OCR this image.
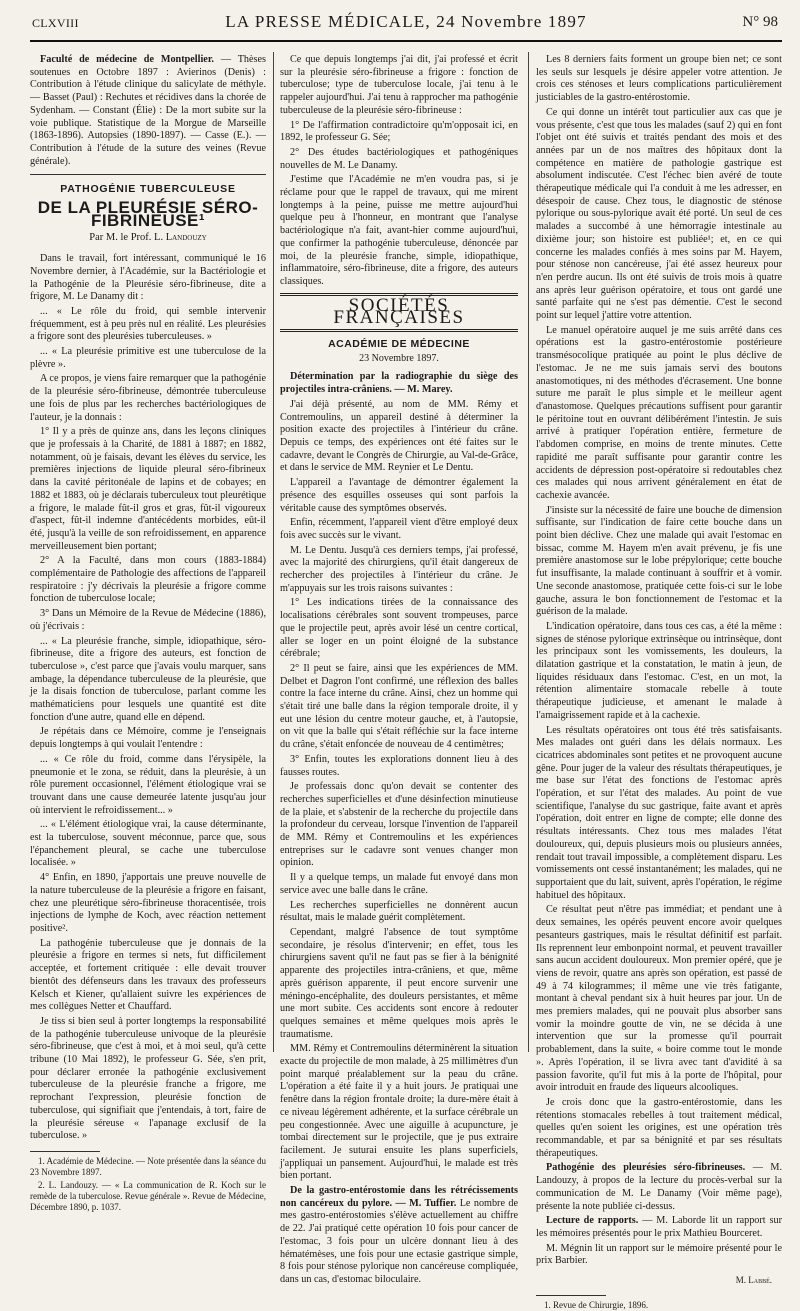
CLXVIII	LA PRESSE MÉDICALE, 24 Novembre 1897	N° 98

Faculté de médecine de Montpellier. — Thèses soutenues en Octobre 1897 : Avierinos (Denis) : Contribution à l'étude clinique du salicylate de méthyle. — Basset (Paul) : Rechutes et récidives dans la chorée de Sydenham. — Constant (Élie) : De la mort subite sur la voie publique. Statistique de la Morgue de Marseille (1863-1896). Autopsies (1890-1897). — Casse (E.). — Contribution à l'étude de la suture des veines (Revue générale).

PATHOGÉNIE TUBERCULEUSE
DE LA PLEURÉSIE SÉRO-FIBRINEUSE¹
Par M. le Prof. L. Landouzy

Dans le travail, fort intéressant, communiqué le 16 Novembre dernier, à l'Académie, sur la Bactériologie et la Pathogénie de la Pleurésie séro-fibrineuse, dite a frigore, M. Le Danamy dit :

... « Le rôle du froid, qui semble intervenir fréquemment, est à peu près nul en réalité. Les pleurésies a frigore sont des pleurésies tuberculeuses. »

... « La pleurésie primitive est une tuberculose de la plèvre ».

A ce propos, je viens faire remarquer que la pathogénie de la pleurésie séro-fibrineuse, démontrée tuberculeuse une fois de plus par les recherches bactériologiques de l'auteur, je la donnais :

1° Il y a près de quinze ans, dans les leçons cliniques que je professais à la Charité, de 1881 à 1887; en 1882, notamment, où je faisais, devant les élèves du service, les premières injections de liquide pleural séro-fibrineux dans la cavité péritonéale de lapins et de cobayes; en 1882 et 1883, où je déclarais tuberculeux tout pleurétique a frigore, le malade fût-il gros et gras, fût-il vigoureux d'aspect, fût-il indemne d'antécédents morbides, eût-il été, jusqu'à la veille de son refroidissement, en apparence merveilleusement bien portant;

2° A la Faculté, dans mon cours (1883-1884) complémentaire de Pathologie des affections de l'appareil respiratoire : j'y décrivais la pleurésie a frigore comme fonction de tuberculose locale;

3° Dans un Mémoire de la Revue de Médecine (1886), où j'écrivais :

... « La pleurésie franche, simple, idiopathique, séro-fibrineuse, dite a frigore des auteurs, est fonction de tuberculose », c'est parce que j'avais voulu marquer, sans ambage, la dépendance tuberculeuse de la pleurésie, que je la disais fonction de tuberculose, parlant comme les mathématiciens pour lesquels une quantité est dite fonction d'une autre, quand elle en dépend.

Je répétais dans ce Mémoire, comme je l'enseignais depuis longtemps à qui voulait l'entendre :

... « Ce rôle du froid, comme dans l'érysipèle, la pneumonie et le zona, se réduit, dans la pleurésie, à un rôle purement occasionnel, l'élément étiologique vrai se trouvant dans une cause demeurée latente jusqu'au jour où intervient le refroidissement... »

... « L'élément étiologique vrai, la cause déterminante, est la tuberculose, souvent méconnue, parce que, sous l'épanchement pleural, se cache une tuberculose localisée. »

4° Enfin, en 1890, j'apportais une preuve nouvelle de la nature tuberculeuse de la pleurésie a frigore en faisant, chez une pleurétique séro-fibrineuse thoracentisée, trois injections de lymphe de Koch, avec réaction nettement positive².

La pathogénie tuberculeuse que je donnais de la pleurésie a frigore en termes si nets, fut difficilement acceptée, et fortement critiquée : elle devait trouver bientôt des défenseurs dans les travaux des professeurs Kelsch et Kiener, qu'allaient suivre les expériences de mes collègues Netter et Chauffard.

Je tiss si bien seul à porter longtemps la responsabilité de la pathogénie tuberculeuse univoque de la pleurésie séro-fibrineuse, que c'est à moi, et à moi seul, qu'à cette tribune (10 Mai 1892), le professeur G. Sée, s'en prit, pour déclarer erronée la pathogénie exclusivement tuberculeuse de la pleurésie franche a frigore, me reprochant l'expression, pleurésie fonction de tuberculose, qui signifiait que j'entendais, à tort, faire de la pleurésie séreuse « l'apanage exclusif de la tuberculose. »

1. Académie de Médecine. — Note présentée dans la séance du 23 Novembre 1897.

2. L. Landouzy. — « La communication de R. Koch sur le remède de la tuberculose. Revue générale ». Revue de Médecine, Décembre 1890, p. 1037.

Ce que depuis longtemps j'ai dit, j'ai professé et écrit sur la pleurésie séro-fibrineuse a frigore : fonction de tuberculose; type de tuberculose locale, j'ai tenu à le rappeler aujourd'hui. J'ai tenu à rapprocher ma pathogénie tuberculeuse de la pleurésie séro-fibrineuse :

1° De l'affirmation contradictoire qu'm'opposait ici, en 1892, le professeur G. Sée;

2° Des études bactériologiques et pathogéniques nouvelles de M. Le Danamy.

J'estime que l'Académie ne m'en voudra pas, si je réclame pour que le rappel de travaux, qui me mirent longtemps à la peine, puisse me mettre aujourd'hui quelque peu à l'honneur, en montrant que l'analyse bactériologique n'a fait, avant-hier comme aujourd'hui, que confirmer la pathogénie tuberculeuse, dénoncée par moi, de la pleurésie franche, simple, idiopathique, inflammatoire, séro-fibrineuse, dite a frigore, des auteurs classiques.

SOCIÉTÉS FRANÇAISES
ACADÉMIE DE MÉDECINE
23 Novembre 1897.

Détermination par la radiographie du siège des projectiles intra-crâniens. — M. Marey.

J'ai déjà présenté, au nom de MM. Rémy et Contremoulins, un appareil destiné à déterminer la position exacte des projectiles à l'intérieur du crâne. Depuis ce temps, des expériences ont été faites sur le cadavre, devant le Congrès de Chirurgie, au Val-de-Grâce, et dans le service de MM. Reynier et Le Dentu.

L'appareil a l'avantage de démontrer également la présence des esquilles osseuses qui sont parfois la véritable cause des symptômes observés.

Enfin, récemment, l'appareil vient d'être employé deux fois avec succès sur le vivant.

M. Le Dentu. Jusqu'à ces derniers temps, j'ai professé, avec la majorité des chirurgiens, qu'il était dangereux de rechercher des projectiles à l'intérieur du crâne. Je m'appuyais sur les trois raisons suivantes :

1° Les indications tirées de la connaissance des localisations cérébrales sont souvent trompeuses, parce que le projectile peut, après avoir lésé un centre cortical, aller se loger en un point éloigné de la substance cérébrale;

2° Il peut se faire, ainsi que les expériences de MM. Delbet et Dagron l'ont confirmé, une réflexion des balles contre la face interne du crâne. Ainsi, chez un homme qui s'était tiré une balle dans la région temporale droite, il y eut une lésion du centre moteur gauche, et, à l'autopsie, on vit que la balle qui s'était réfléchie sur la face interne du crâne, s'était enfoncée de nouveau de 4 centimètres;

3° Enfin, toutes les explorations donnent lieu à des fausses routes.

Je professais donc qu'on devait se contenter des recherches superficielles et d'une désinfection minutieuse de la plaie, et s'abstenir de la recherche du projectile dans la profondeur du cerveau, lorsque l'invention de l'appareil de MM. Rémy et Contremoulins et les expériences entreprises sur le cadavre sont venues changer mon opinion.

Il y a quelque temps, un malade fut envoyé dans mon service avec une balle dans le crâne.

Les recherches superficielles ne donnèrent aucun résultat, mais le malade guérit complètement.

Cependant, malgré l'absence de tout symptôme secondaire, je résolus d'intervenir; en effet, tous les chirurgiens savent qu'il ne faut pas se fier à la bénignité apparente des projectiles intra-crâniens, et que, même après guérison apparente, il peut encore survenir une méningo-encéphalite, des douleurs persistantes, et même une mort subite. Ces accidents sont encore à redouter quelques semaines et même quelques mois après le traumatisme.

MM. Rémy et Contremoulins déterminèrent la situation exacte du projectile de mon malade, à 25 millimètres d'un point marqué préalablement sur la peau du crâne. L'opération a été faite il y a huit jours. Je pratiquai une fenêtre dans la région frontale droite; la dure-mère était à ce niveau légèrement adhérente, et la surface cérébrale un peu congestionnée. Avec une aiguille à acupuncture, je tombai directement sur le projectile, que je pus extraire facilement. Je suturai ensuite les plans superficiels, j'appliquai un pansement. Aujourd'hui, le malade est très bien portant.

De la gastro-entérostomie dans les rétrécissements non cancéreux du pylore. — M. Tuffier. Le nombre de mes gastro-entérostomies s'élève actuellement au chiffre de 22. J'ai pratiqué cette opération 10 fois pour cancer de l'estomac, 3 fois pour un ulcère donnant lieu à des hématémèses, une fois pour une ectasie gastrique simple, 8 fois pour sténose pylorique non cancéreuse compliquée, dans un cas, d'estomac biloculaire.

Les 8 derniers faits forment un groupe bien net; ce sont les seuls sur lesquels je désire appeler votre attention. Je crois ces sténoses et leurs complications particulièrement justiciables de la gastro-entérostomie.

Ce qui donne un intérêt tout particulier aux cas que je vous présente, c'est que tous les malades (sauf 2) qui en font l'objet ont été suivis et traités pendant des mois et des années par un de nos maîtres des hôpitaux dont la compétence en matière de pathologie gastrique est absolument indiscutée. C'est l'échec bien avéré de toute thérapeutique médicale qui l'a conduit à me les adresser, en désespoir de cause. Chez tous, le diagnostic de sténose pylorique ou sous-pylorique avait été porté. Un seul de ces malades a succombé à une hémorragie intestinale au dixième jour; son histoire est publiée¹; et, en ce qui concerne les malades confiés à mes soins par M. Hayem, pour sténose non cancéreuse, j'ai été assez heureux pour n'en perdre aucun. Ils ont été suivis de trois mois à quatre ans après leur guérison opératoire, et tous ont gardé une santé parfaite qui ne s'est pas démentie. C'est le second point sur lequel j'attire votre attention.

Le manuel opératoire auquel je me suis arrêté dans ces opérations est la gastro-entérostomie postérieure transmésocolique pratiquée au point le plus déclive de l'estomac. Je ne me suis jamais servi des boutons anastomotiques, ni des méthodes d'écrasement. Une bonne suture me paraît le plus simple et le meilleur agent d'anastomose. Quelques précautions suffisent pour garantir le péritoine tout en ouvrant délibérément l'intestin. Je suis arrivé à pratiquer l'opération entière, fermeture de l'abdomen comprise, en moins de trente minutes. Cette rapidité me paraît suffisante pour garantir contre les accidents de dépression post-opératoire si redoutables chez ces malades qui nous arrivent généralement en état de cachexie avancée.

J'insiste sur la nécessité de faire une bouche de dimension suffisante, sur l'indication de faire cette bouche dans un point bien déclive. Chez une malade qui avait l'estomac en bissac, comme M. Hayem m'en avait prévenu, je fis une première anastomose sur le lobe prépylorique; cette bouche fut insuffisante, la malade continuant à souffrir et à vomir. Une seconde anastomose, pratiquée cette fois-ci sur le lobe gauche, assura le bon fonctionnement de l'estomac et la guérison de la malade.

L'indication opératoire, dans tous ces cas, a été la même : signes de sténose pylorique extrinsèque ou intrinsèque, dont les principaux sont les vomissements, les douleurs, la dilatation gastrique et la constatation, le matin à jeun, de liquides résiduaux dans l'estomac. C'est, en un mot, la rétention alimentaire stomacale rebelle à toute thérapeutique judicieuse, et amenant le malade à l'amaigrissement rapide et à la cachexie.

Les résultats opératoires ont tous été très satisfaisants. Mes malades ont guéri dans les délais normaux. Les cicatrices abdominales sont petites et ne provoquent aucune gêne. Pour juger de la valeur des résultats thérapeutiques, je me base sur l'état des fonctions de l'estomac après l'opération, et sur l'état des malades. Au point de vue scientifique, l'analyse du suc gastrique, faite avant et après l'opération, doit entrer en ligne de compte; elle donne des résultats intéressants. Chez tous mes malades l'état douloureux, qui, depuis plusieurs mois ou plusieurs années, rendait tout travail impossible, a complètement disparu. Les vomissements ont cessé instantanément; les malades, qui ne supportaient que du lait, suivent, après l'opération, le régime habituel des hôpitaux.

Ce résultat peut n'être pas immédiat; et pendant une à deux semaines, les opérés peuvent encore avoir quelques pesanteurs gastriques, mais le résultat définitif est parfait. Ils reprennent leur embonpoint normal, et peuvent travailler sans aucun accident douloureux. Mon premier opéré, que je viens de revoir, quatre ans après son opération, est passé de 49 à 74 kilogrammes; il même une vie très fatigante, montant à cheval pendant six à huit heures par jour. Un de mes premiers malades, qui ne pouvait plus absorber sans vomir la moindre goutte de vin, ne se décida à une intervention que sur la promesse qu'il pourrait probablement, dans la suite, « boire comme tout le monde ». Après l'opération, il se livra avec tant d'avidité à sa passion favorite, qu'il fut mis à la porte de l'hôpital, pour avoir introduit en fraude des liqueurs alcooliques.

Je crois donc que la gastro-entérostomie, dans les rétentions stomacales rebelles à tout traitement médical, quelles qu'en soient les origines, est une opération très recommandable, et par sa bénignité et par ses résultats thérapeutiques.

Pathogénie des pleurésies séro-fibrineuses. — M. Landouzy, à propos de la lecture du procès-verbal sur la communication de M. Le Danamy (Voir même page), présente la note publiée ci-dessus.

Lecture de rapports. — M. Laborde lit un rapport sur les mémoires présentés pour le prix Mathieu Bourceret.

M. Mégnin lit un rapport sur le mémoire présenté pour le prix Barbier.

M. Labbé.

1. Revue de Chirurgie, 1896.
